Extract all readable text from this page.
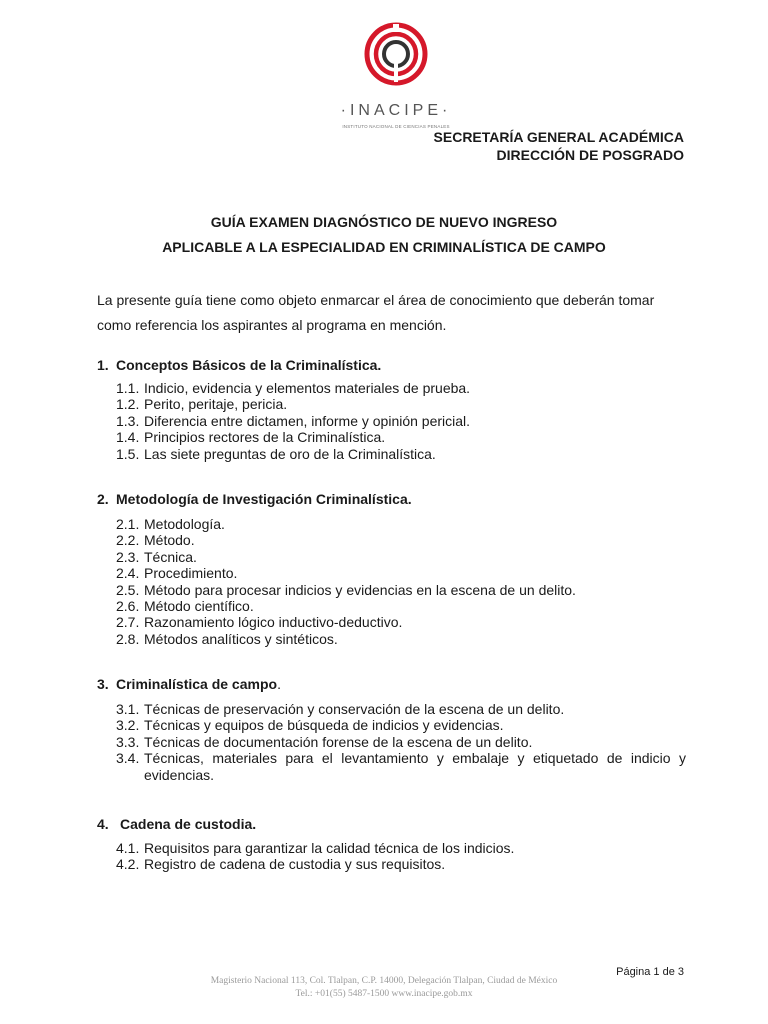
·INACIPE·
INSTITUTO NACIONAL DE CIENCIAS PENALES
SECRETARÍA GENERAL ACADÉMICA
DIRECCIÓN DE POSGRADO
GUÍA EXAMEN DIAGNÓSTICO DE NUEVO INGRESO
APLICABLE A LA ESPECIALIDAD EN CRIMINALÍSTICA DE CAMPO
La presente guía tiene como objeto enmarcar el área de conocimiento que deberán tomar como referencia los aspirantes al programa en mención.
1. Conceptos Básicos de la Criminalística.
1.1. Indicio, evidencia y elementos materiales de prueba.
1.2. Perito, peritaje, pericia.
1.3. Diferencia entre dictamen, informe y opinión pericial.
1.4. Principios rectores de la Criminalística.
1.5. Las siete preguntas de oro de la Criminalística.
2. Metodología de Investigación Criminalística.
2.1. Metodología.
2.2. Método.
2.3. Técnica.
2.4. Procedimiento.
2.5. Método para procesar indicios y evidencias en la escena de un delito.
2.6. Método científico.
2.7. Razonamiento lógico inductivo-deductivo.
2.8. Métodos analíticos y sintéticos.
3. Criminalística de campo.
3.1. Técnicas de preservación y conservación de la escena de un delito.
3.2. Técnicas y equipos de búsqueda de indicios y evidencias.
3.3. Técnicas de documentación forense de la escena de un delito.
3.4. Técnicas, materiales para el levantamiento y embalaje y etiquetado de indicio y evidencias.
4. Cadena de custodia.
4.1. Requisitos para garantizar la calidad técnica de los indicios.
4.2. Registro de cadena de custodia y sus requisitos.
Página 1 de 3
Magisterio Nacional 113, Col. Tlalpan, C.P. 14000, Delegación Tlalpan, Ciudad de México
Tel.: +01(55) 5487-1500 www.inacipe.gob.mx
